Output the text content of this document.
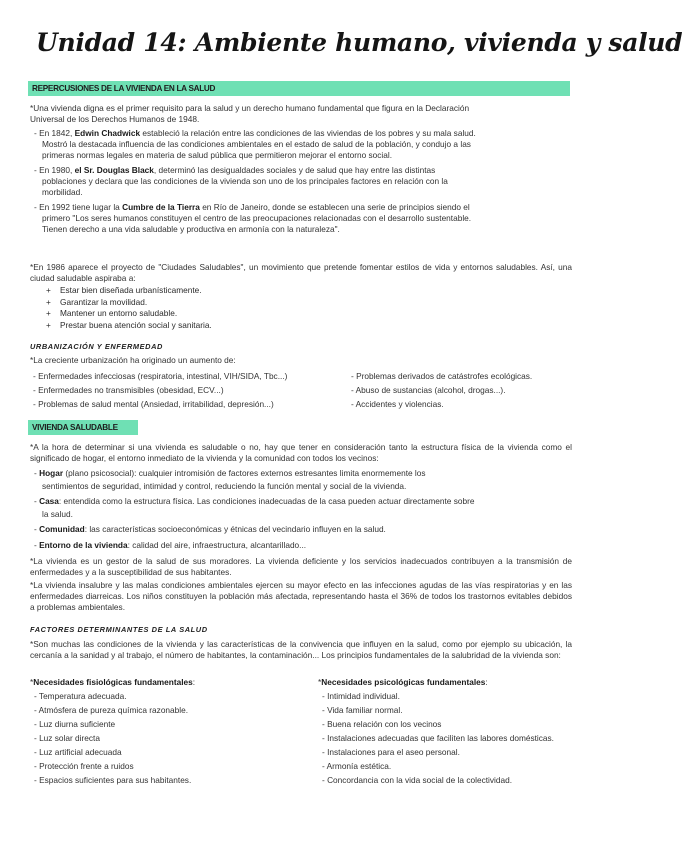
Unidad 14: Ambiente humano, vivienda y salud
REPERCUSIONES DE LA VIVIENDA EN LA SALUD

*Una vivienda digna es el primer requisito para la salud y un derecho humano fundamental que figura en la Declaración

Universal de los Derechos Humanos de 1948.

- En 1842, Edwin Chadwick estableció la relación entre las condiciones de las viviendas de los pobres y su mala salud.

Mostró la destacada influencia de las condiciones ambientales en el estado de salud de la población, y condujo a las

primeras normas legales en materia de salud pública que permitieron mejorar el entorno social.

- En 1980, el Sr. Douglas Black, determinó las desigualdades sociales y de salud que hay entre las distintas

poblaciones y declara que las condiciones de la vivienda son uno de los principales factores en relación con la

morbilidad.

- En 1992 tiene lugar la Cumbre de la Tierra en Río de Janeiro, donde se establecen una serie de principios siendo el

primero "Los seres humanos constituyen el centro de las preocupaciones relacionadas con el desarrollo sustentable.

Tienen derecho a una vida saludable y productiva en armonía con la naturaleza".

*En 1986 aparece el proyecto de "Ciudades Saludables", un movimiento que pretende fomentar estilos de vida y entornos saludables. Así, una ciudad saludable aspiraba a:
+	Estar bien diseñada urbanísticamente.
+	Garantizar la movilidad.
+	Mantener un entorno saludable.
+	Prestar buena atención social y sanitaria.
URBANIZACIÓN Y ENFERMEDAD
*La creciente urbanización ha originado un aumento de:
- Enfermedades infecciosas (respiratoria, intestinal, VIH/SIDA, Tbc...)
- Enfermedades no transmisibles (obesidad, ECV...)
- Problemas de salud mental (Ansiedad, irritabilidad, depresión...)
- Problemas derivados de catástrofes ecológicas.
- Abuso de sustancias (alcohol, drogas...).
- Accidentes y violencias.
VIVIENDA SALUDABLE
*A la hora de determinar si una vivienda es saludable o no, hay que tener en consideración tanto la estructura física de la vivienda como el significado de hogar, el entorno inmediato de la vivienda y la comunidad con todos los vecinos:

- Hogar (plano psicosocial): cualquier intromisión de factores externos estresantes limita enormemente los

sentimientos de seguridad, intimidad y control, reduciendo la función mental y social de la vivienda.

- Casa: entendida como la estructura física. Las condiciones inadecuadas de la casa pueden actuar directamente sobre

la salud.

- Comunidad: las características socioeconómicas y étnicas del vecindario influyen en la salud.

- Entorno de la vivienda: calidad del aire, infraestructura, alcantarillado...

*La vivienda es un gestor de la salud de sus moradores. La vivienda deficiente y los servicios inadecuados contribuyen a la transmisión de enfermedades y a la susceptibilidad de sus habitantes.
*La vivienda insalubre y las malas condiciones ambientales ejercen su mayor efecto en las infecciones agudas de las vías respiratorias y en las enfermedades diarreicas. Los niños constituyen la población más afectada, representando hasta el 36% de todos los trastornos evitables debidos a problemas ambientales.
FACTORES DETERMINANTES DE LA SALUD
*Son muchas las condiciones de la vivienda y las características de la convivencia que influyen en la salud, como por ejemplo su ubicación, la cercanía a la sanidad y al trabajo, el número de habitantes, la contaminación... Los principios fundamentales de la salubridad de la vivienda son:
*Necesidades fisiológicas fundamentales:
- Temperatura adecuada.
- Atmósfera de pureza química razonable.
- Luz diurna suficiente
- Luz solar directa
- Luz artificial adecuada
- Protección frente a ruidos
- Espacios suficientes para sus habitantes.
*Necesidades psicológicas fundamentales:
- Intimidad individual.
- Vida familiar normal.
- Buena relación con los vecinos
- Instalaciones adecuadas que faciliten las labores domésticas.
- Instalaciones para el aseo personal.
- Armonía estética.
- Concordancia con la vida social de la colectividad.
